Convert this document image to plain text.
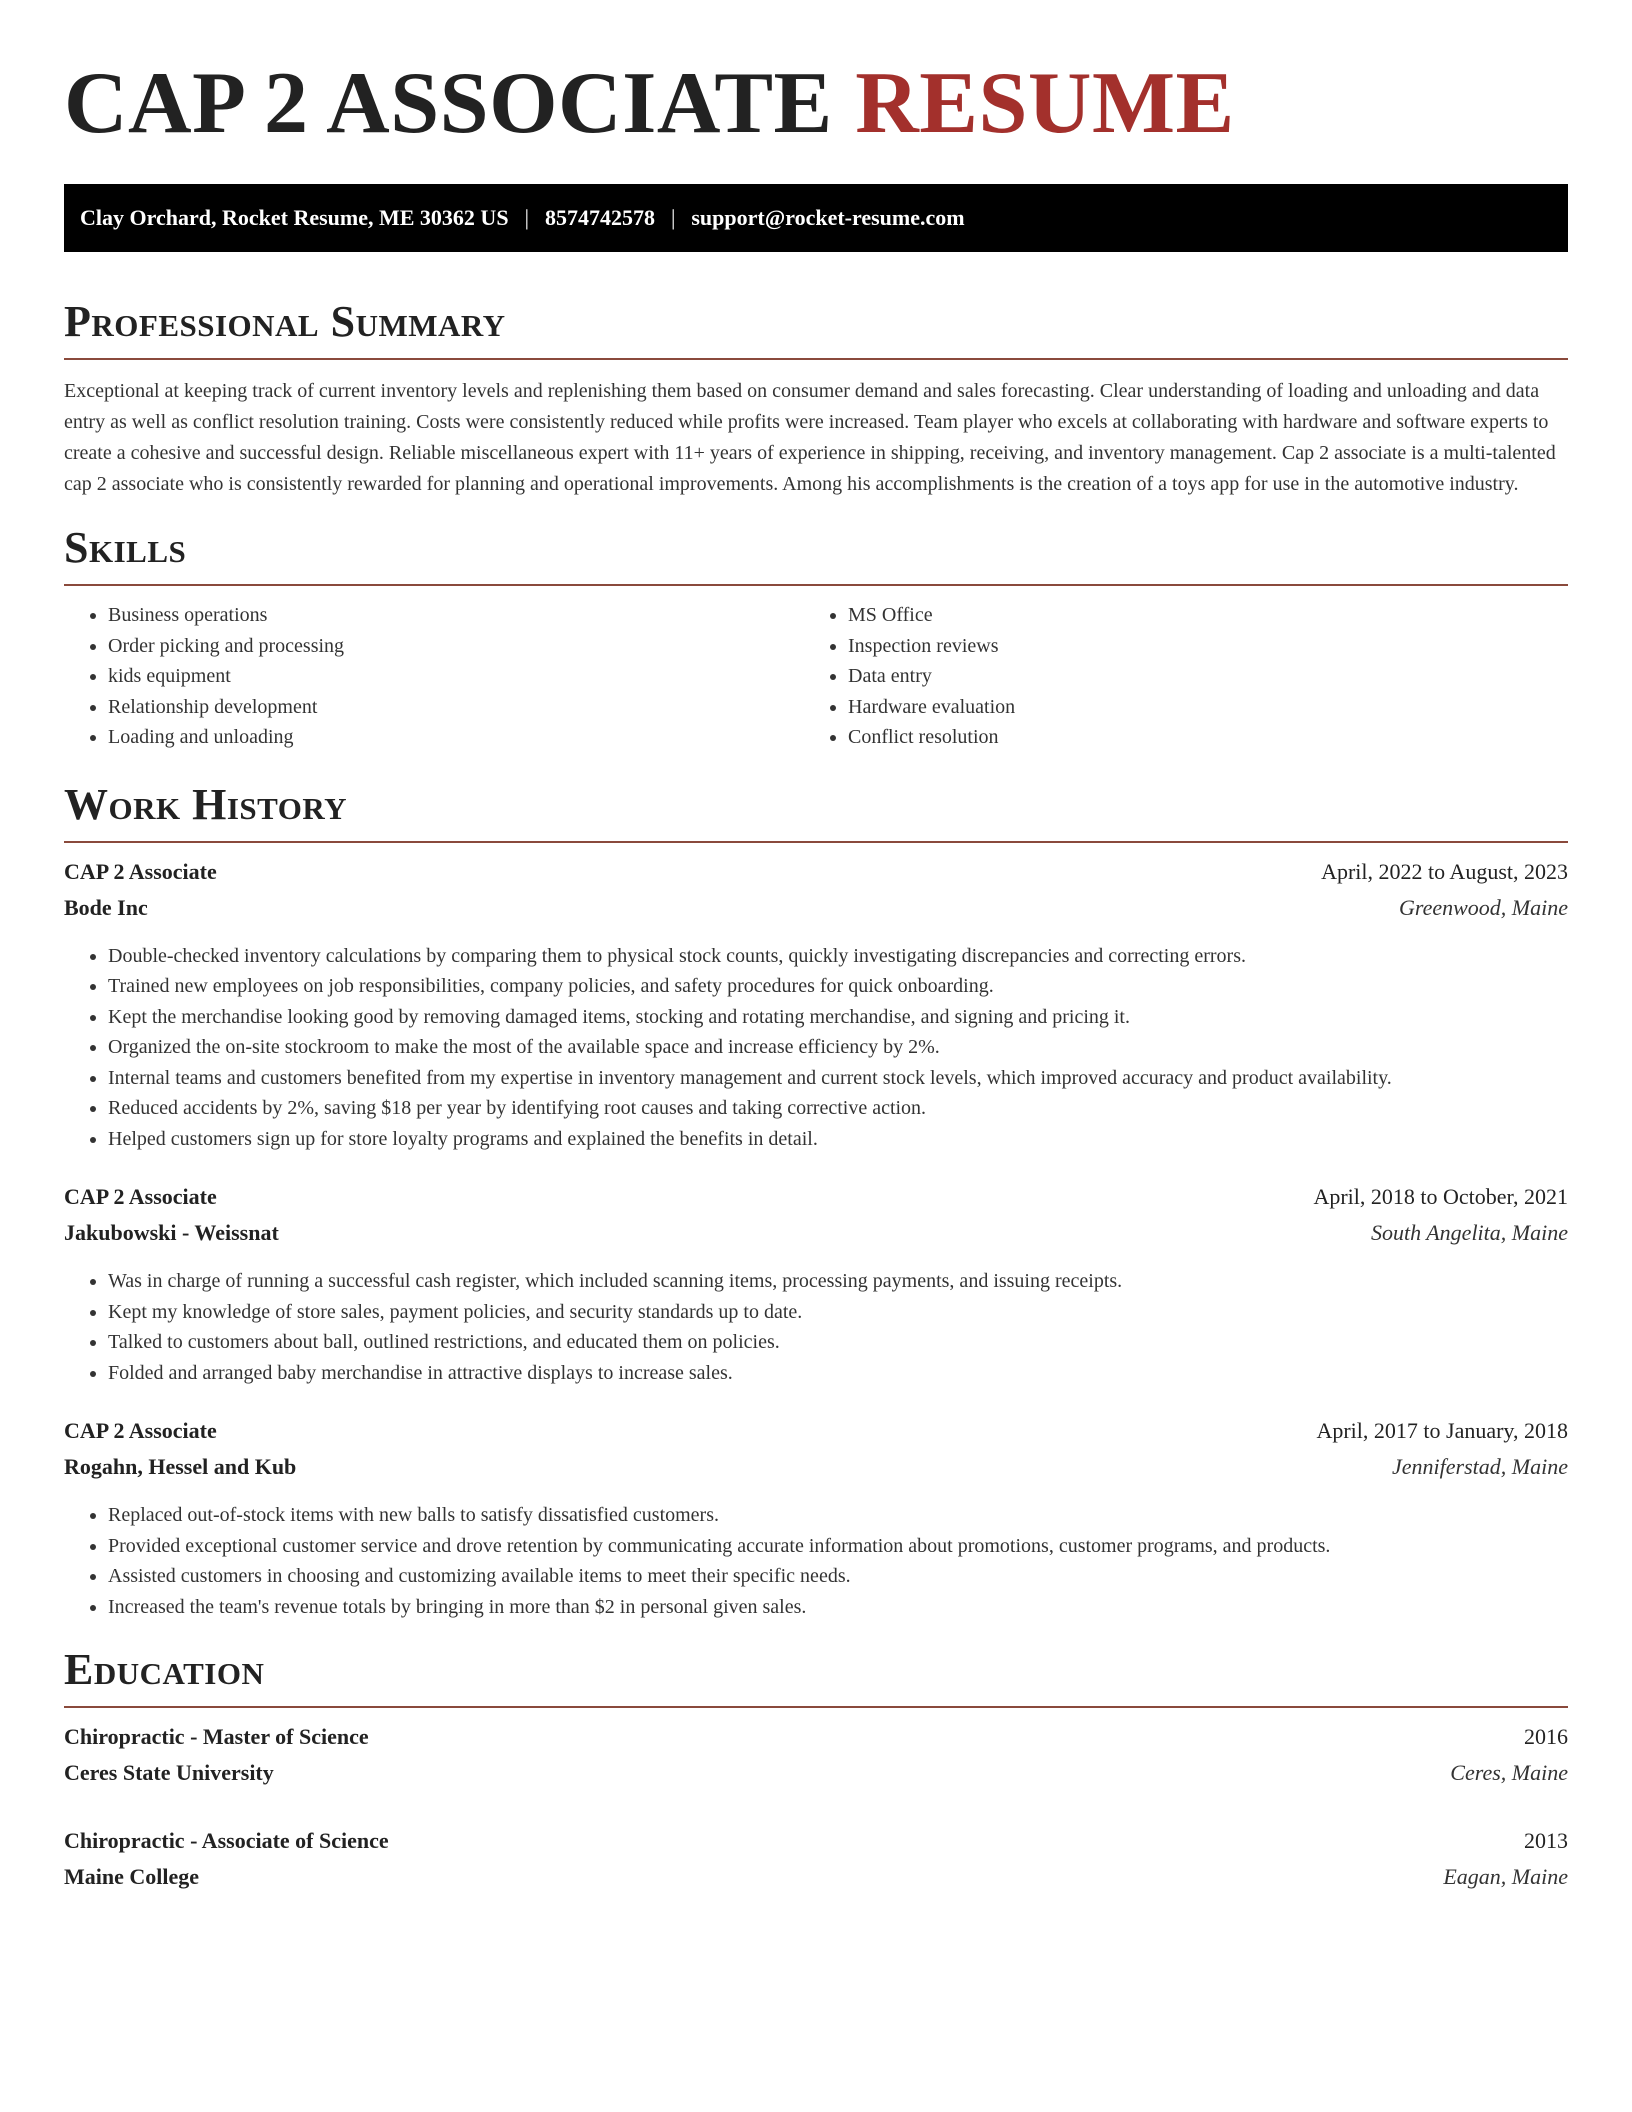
CAP 2 ASSOCIATE RESUME
Clay Orchard, Rocket Resume, ME 30362 US | 8574742578 | support@rocket-resume.com
Professional Summary

Exceptional at keeping track of current inventory levels and replenishing them based on consumer demand and sales forecasting. Clear understanding of loading and unloading and data entry as well as conflict resolution training. Costs were consistently reduced while profits were increased. Team player who excels at collaborating with hardware and software experts to create a cohesive and successful design. Reliable miscellaneous expert with 11+ years of experience in shipping, receiving, and inventory management. Cap 2 associate is a multi-talented cap 2 associate who is consistently rewarded for planning and operational improvements. Among his accomplishments is the creation of a toys app for use in the automotive industry.

Skills
• Business operations
• Order picking and processing
• kids equipment
• Relationship development
• Loading and unloading
• MS Office
• Inspection reviews
• Data entry
• Hardware evaluation
• Conflict resolution
Work History
CAP 2 Associate	April, 2022 to August, 2023
Bode Inc	Greenwood, Maine
• Double-checked inventory calculations by comparing them to physical stock counts, quickly investigating discrepancies and correcting errors.
• Trained new employees on job responsibilities, company policies, and safety procedures for quick onboarding.
• Kept the merchandise looking good by removing damaged items, stocking and rotating merchandise, and signing and pricing it.
• Organized the on-site stockroom to make the most of the available space and increase efficiency by 2%.
• Internal teams and customers benefited from my expertise in inventory management and current stock levels, which improved accuracy and product availability.
• Reduced accidents by 2%, saving $18 per year by identifying root causes and taking corrective action.
• Helped customers sign up for store loyalty programs and explained the benefits in detail.
CAP 2 Associate	April, 2018 to October, 2021
Jakubowski - Weissnat	South Angelita, Maine
• Was in charge of running a successful cash register, which included scanning items, processing payments, and issuing receipts.
• Kept my knowledge of store sales, payment policies, and security standards up to date.
• Talked to customers about ball, outlined restrictions, and educated them on policies.
• Folded and arranged baby merchandise in attractive displays to increase sales.
CAP 2 Associate	April, 2017 to January, 2018
Rogahn, Hessel and Kub	Jenniferstad, Maine
• Replaced out-of-stock items with new balls to satisfy dissatisfied customers.
• Provided exceptional customer service and drove retention by communicating accurate information about promotions, customer programs, and products.
• Assisted customers in choosing and customizing available items to meet their specific needs.
• Increased the team's revenue totals by bringing in more than $2 in personal given sales.
Education
Chiropractic - Master of Science	2016
Ceres State University	Ceres, Maine
Chiropractic - Associate of Science	2013
Maine College	Eagan, Maine
